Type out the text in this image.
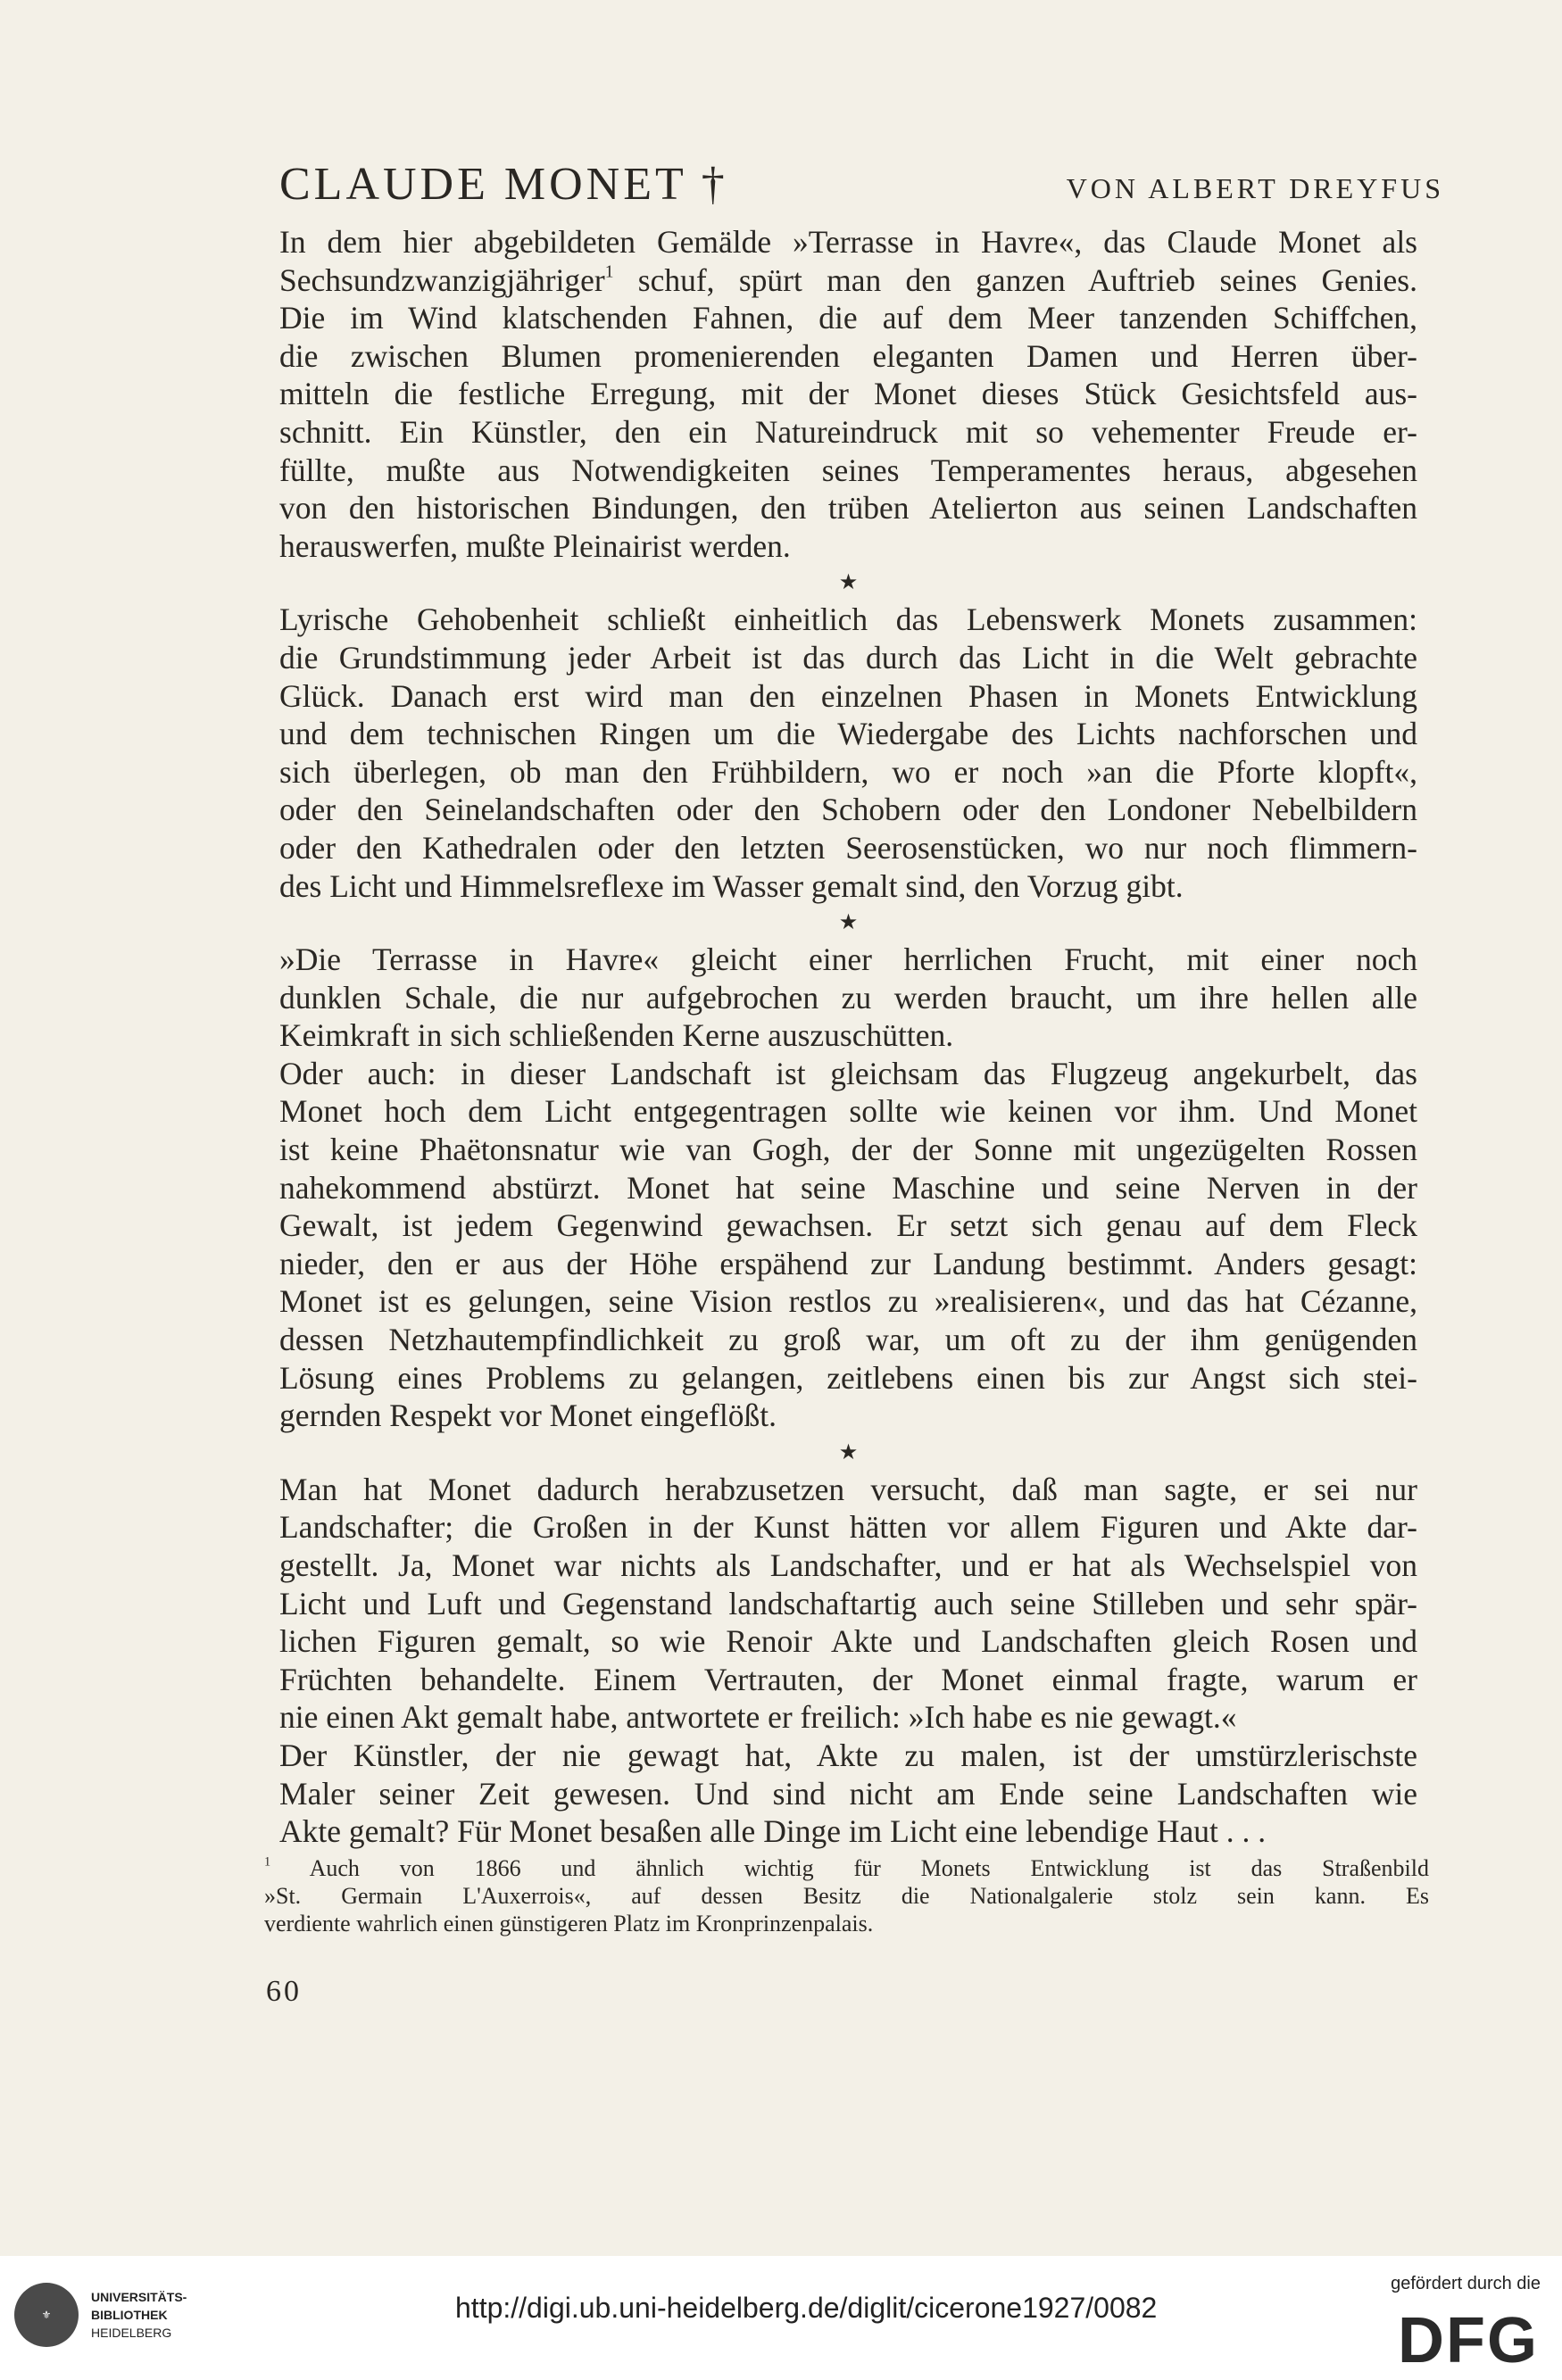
CLAUDE MONET †	VON ALBERT DREYFUS
In dem hier abgebildeten Gemälde »Terrasse in Havre«, das Claude Monet als
Sechsundzwanzigjähriger$^1$ schuf, spürt man den ganzen Auftrieb seines Genies.
Die im Wind klatschenden Fahnen, die auf dem Meer tanzenden Schiffchen,
die zwischen Blumen promenierenden eleganten Damen und Herren über-
mitteln die festliche Erregung, mit der Monet dieses Stück Gesichtsfeld aus-
schnitt. Ein Künstler, den ein Natureindruck mit so vehementer Freude er-
füllte, mußte aus Notwendigkeiten seines Temperamentes heraus, abgesehen
von den historischen Bindungen, den trüben Atelierton aus seinen Landschaften
herauswerfen, mußte Pleinairist werden.
★
Lyrische Gehobenheit schließt einheitlich das Lebenswerk Monets zusammen:
die Grundstimmung jeder Arbeit ist das durch das Licht in die Welt gebrachte
Glück. Danach erst wird man den einzelnen Phasen in Monets Entwicklung
und dem technischen Ringen um die Wiedergabe des Lichts nachforschen und
sich überlegen, ob man den Frühbildern, wo er noch »an die Pforte klopft«,
oder den Seinelandschaften oder den Schobern oder den Londoner Nebelbildern
oder den Kathedralen oder den letzten Seerosenstücken, wo nur noch flimmern-
des Licht und Himmelsreflexe im Wasser gemalt sind, den Vorzug gibt.
★
»Die Terrasse in Havre« gleicht einer herrlichen Frucht, mit einer noch
dunklen Schale, die nur aufgebrochen zu werden braucht, um ihre hellen alle
Keimkraft in sich schließenden Kerne auszuschütten.
Oder auch: in dieser Landschaft ist gleichsam das Flugzeug angekurbelt, das
Monet hoch dem Licht entgegentragen sollte wie keinen vor ihm. Und Monet
ist keine Phaëtonsnatur wie van Gogh, der der Sonne mit ungezügelten Rossen
nahekommend abstürzt. Monet hat seine Maschine und seine Nerven in der
Gewalt, ist jedem Gegenwind gewachsen. Er setzt sich genau auf dem Fleck
nieder, den er aus der Höhe erspähend zur Landung bestimmt. Anders gesagt:
Monet ist es gelungen, seine Vision restlos zu »realisieren«, und das hat Cézanne,
dessen Netzhautempfindlichkeit zu groß war, um oft zu der ihm genügenden
Lösung eines Problems zu gelangen, zeitlebens einen bis zur Angst sich stei-
gernden Respekt vor Monet eingeflößt.
★
Man hat Monet dadurch herabzusetzen versucht, daß man sagte, er sei nur
Landschafter; die Großen in der Kunst hätten vor allem Figuren und Akte dar-
gestellt. Ja, Monet war nichts als Landschafter, und er hat als Wechselspiel von
Licht und Luft und Gegenstand landschaftartig auch seine Stilleben und sehr spär-
lichen Figuren gemalt, so wie Renoir Akte und Landschaften gleich Rosen und
Früchten behandelte. Einem Vertrauten, der Monet einmal fragte, warum er
nie einen Akt gemalt habe, antwortete er freilich: »Ich habe es nie gewagt.«
Der Künstler, der nie gewagt hat, Akte zu malen, ist der umstürzlerischste
Maler seiner Zeit gewesen. Und sind nicht am Ende seine Landschaften wie
Akte gemalt? Für Monet besaßen alle Dinge im Licht eine lebendige Haut . . .
$^1$ Auch von 1866 und ähnlich wichtig für Monets Entwicklung ist das Straßenbild
»St. Germain L'Auxerrois«, auf dessen Besitz die Nationalgalerie stolz sein kann. Es
verdiente wahrlich einen günstigeren Platz im Kronprinzenpalais.
60
⚜
UNIVERSITÄTS-
BIBLIOTHEK
HEIDELBERG
http://digi.ub.uni-heidelberg.de/diglit/cicerone1927/0082
gefördert durch die
DFG
